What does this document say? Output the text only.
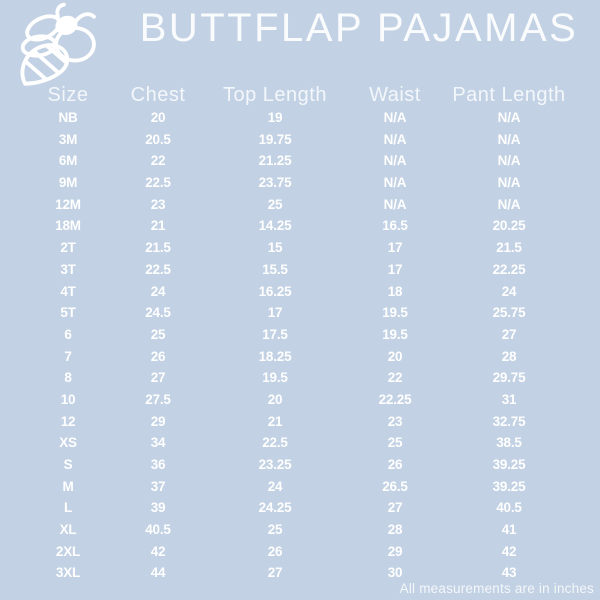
BUTTFLAP PAJAMAS
Size	Chest	Top Length	Waist	Pant Length
NB	20	19	N/A	N/A
3M	20.5	19.75	N/A	N/A
6M	22	21.25	N/A	N/A
9M	22.5	23.75	N/A	N/A
12M	23	25	N/A	N/A
18M	21	14.25	16.5	20.25
2T	21.5	15	17	21.5
3T	22.5	15.5	17	22.25
4T	24	16.25	18	24
5T	24.5	17	19.5	25.75
6	25	17.5	19.5	27
7	26	18.25	20	28
8	27	19.5	22	29.75
10	27.5	20	22.25	31
12	29	21	23	32.75
XS	34	22.5	25	38.5
S	36	23.25	26	39.25
M	37	24	26.5	39.25
L	39	24.25	27	40.5
XL	40.5	25	28	41
2XL	42	26	29	42
3XL	44	27	30	43
All measurements are in inches
